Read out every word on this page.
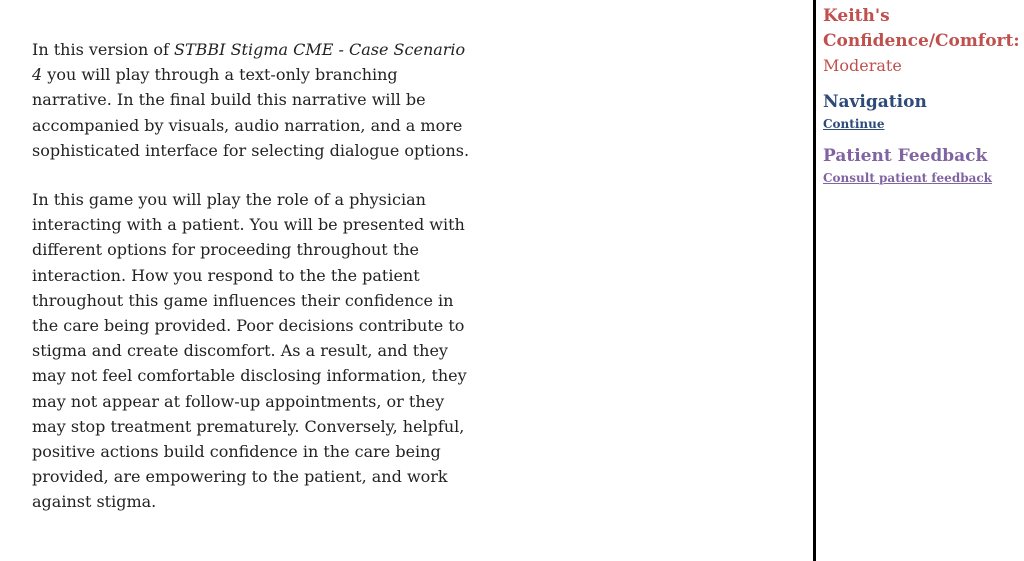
In this version of STBBI Stigma CME - Case Scenario 4 you will play through a text-only branching narrative. In the final build this narrative will be accompanied by visuals, audio narration, and a more sophisticated interface for selecting dialogue options.

In this game you will play the role of a physician interacting with a patient. You will be presented with different options for proceeding throughout the interaction. How you respond to the the patient throughout this game influences their confidence in the care being provided. Poor decisions contribute to stigma and create discomfort. As a result, and they may not feel comfortable disclosing information, they may not appear at follow-up appointments, or they may stop treatment prematurely. Conversely, helpful, positive actions build confidence in the care being provided, are empowering to the patient, and work against stigma.

Keith's
Confidence/Comfort:
Moderate
Navigation
Continue
Patient Feedback
Consult patient feedback
